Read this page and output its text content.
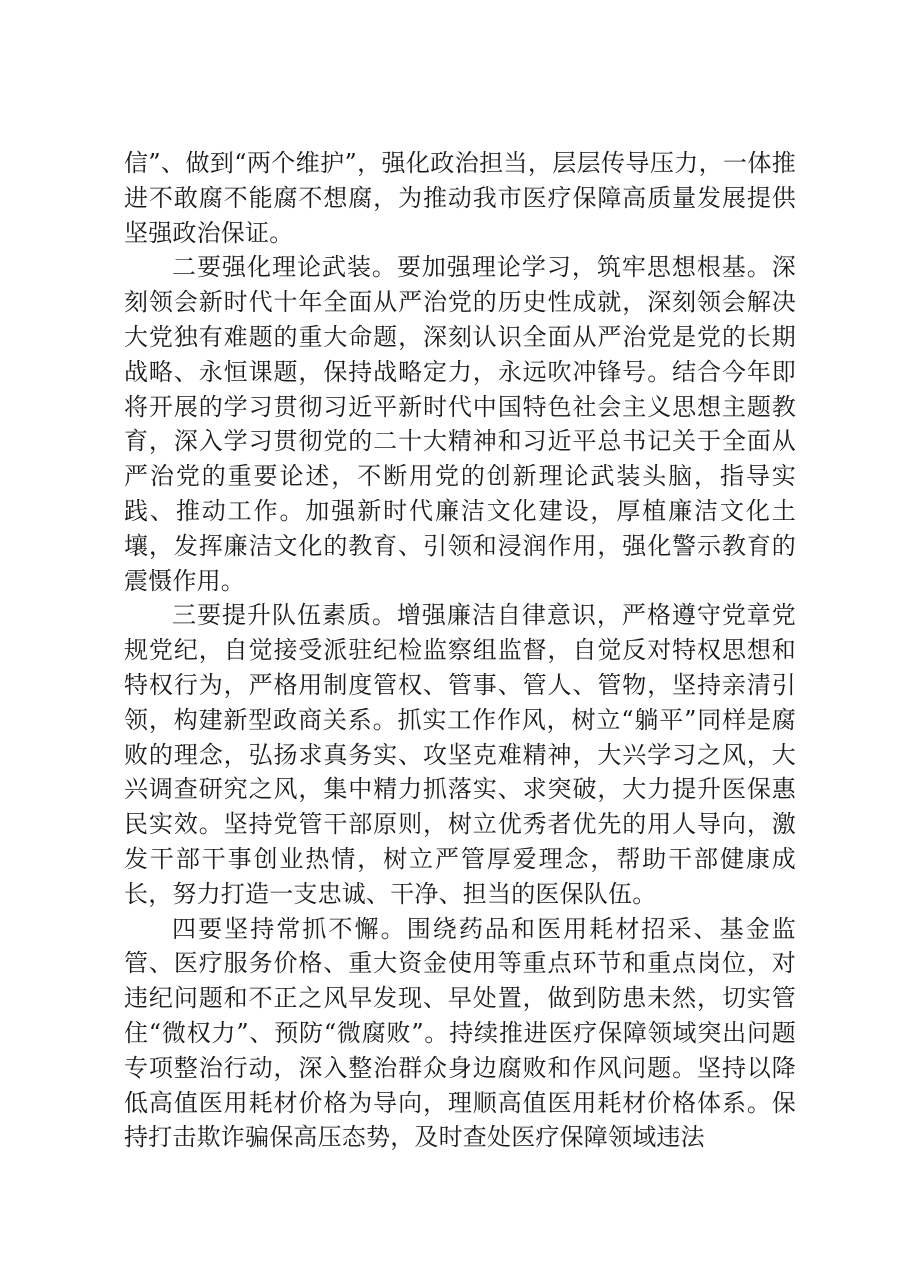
信”、做到“两个维护”，强化政治担当，层层传导压力，一体推进不敢腐不能腐不想腐，为推动我市医疗保障高质量发展提供坚强政治保证。

二要强化理论武装。要加强理论学习，筑牢思想根基。深刻领会新时代十年全面从严治党的历史性成就，深刻领会解决大党独有难题的重大命题，深刻认识全面从严治党是党的长期战略、永恒课题，保持战略定力，永远吹冲锋号。结合今年即将开展的学习贯彻习近平新时代中国特色社会主义思想主题教育，深入学习贯彻党的二十大精神和习近平总书记关于全面从严治党的重要论述，不断用党的创新理论武装头脑，指导实践、推动工作。加强新时代廉洁文化建设，厚植廉洁文化土壤，发挥廉洁文化的教育、引领和浸润作用，强化警示教育的震慑作用。

三要提升队伍素质。增强廉洁自律意识，严格遵守党章党规党纪，自觉接受派驻纪检监察组监督，自觉反对特权思想和特权行为，严格用制度管权、管事、管人、管物，坚持亲清引领，构建新型政商关系。抓实工作作风，树立“躺平”同样是腐败的理念，弘扬求真务实、攻坚克难精神，大兴学习之风，大兴调查研究之风，集中精力抓落实、求突破，大力提升医保惠民实效。坚持党管干部原则，树立优秀者优先的用人导向，激发干部干事创业热情，树立严管厚爱理念，帮助干部健康成长，努力打造一支忠诚、干净、担当的医保队伍。

四要坚持常抓不懈。围绕药品和医用耗材招采、基金监管、医疗服务价格、重大资金使用等重点环节和重点岗位，对违纪问题和不正之风早发现、早处置，做到防患未然，切实管住“微权力”、预防“微腐败”。持续推进医疗保障领域突出问题专项整治行动，深入整治群众身边腐败和作风问题。坚持以降低高值医用耗材价格为导向，理顺高值医用耗材价格体系。保持打击欺诈骗保高压态势，及时查处医疗保障领域违法
